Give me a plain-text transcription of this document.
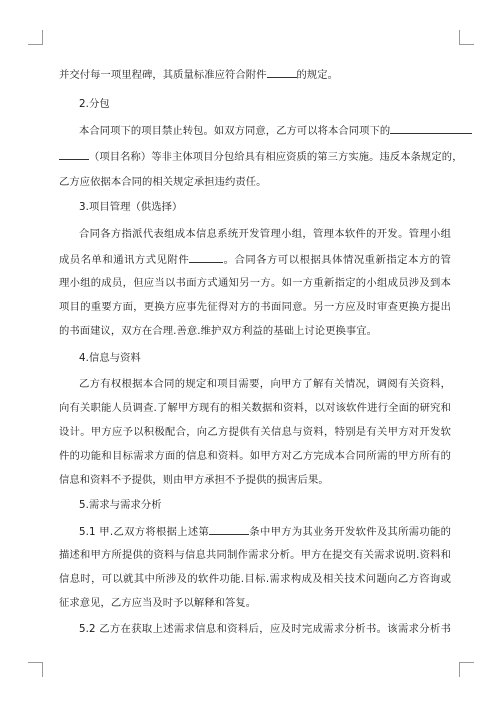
并交付每一项里程碑，其质量标准应符合附件	的规定。
2.分包
本合同项下的项目禁止转包。如双方同意，乙方可以将本合同项下的
（项目名称）等非主体项目分包给具有相应资质的第三方实施。违反本条规定的，
乙方应依据本合同的相关规定承担违约责任。
3.项目管理（供选择）
合同各方指派代表组成本信息系统开发管理小组，管理本软件的开发。管理小组
成员名单和通讯方式见附件	。合同各方可以根据具体情况重新指定本方的管
理小组的成员，但应当以书面方式通知另一方。如一方重新指定的小组成员涉及到本
项目的重要方面，更换方应事先征得对方的书面同意。另一方应及时审查更换方提出
的书面建议，双方在合理.善意.维护双方利益的基础上讨论更换事宜。
4.信息与资料
乙方有权根据本合同的规定和项目需要，向甲方了解有关情况，调阅有关资料，
向有关职能人员调查.了解甲方现有的相关数据和资料，以对该软件进行全面的研究和
设计。甲方应予以积极配合，向乙方提供有关信息与资料，特别是有关甲方对开发软
件的功能和目标需求方面的信息和资料。如甲方对乙方完成本合同所需的甲方所有的
信息和资料不予提供，则由甲方承担不予提供的损害后果。
5.需求与需求分析
5.1 甲.乙双方将根据上述第	条中甲方为其业务开发软件及其所需功能的
描述和甲方所提供的资料与信息共同制作需求分析。甲方在提交有关需求说明.资料和
信息时，可以就其中所涉及的软件功能.目标.需求构成及相关技术问题向乙方咨询或
征求意见，乙方应当及时予以解释和答复。
5.2 乙方在获取上述需求信息和资料后，应及时完成需求分析书。该需求分析书
